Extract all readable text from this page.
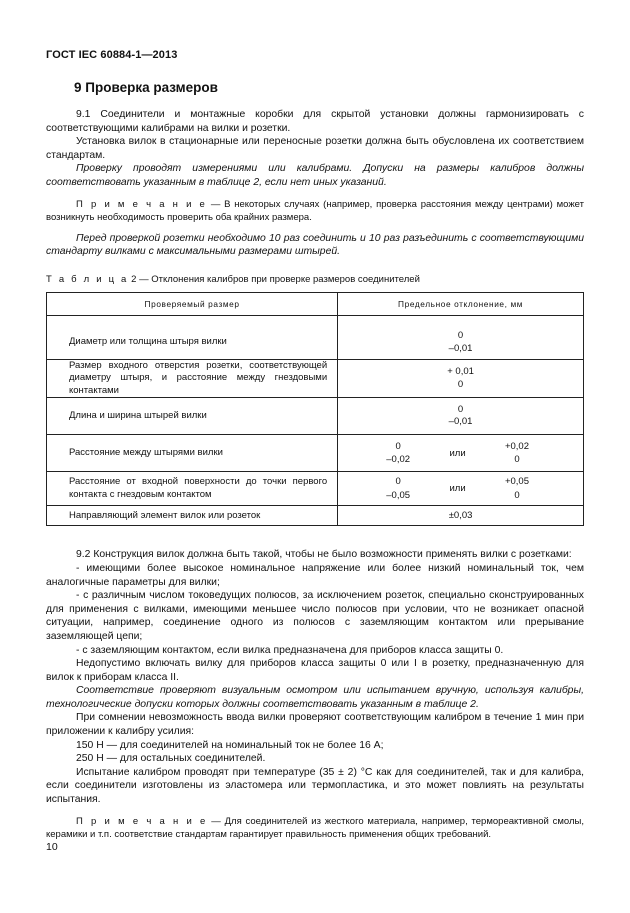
ГОСТ IEC 60884-1—2013
9 Проверка размеров

9.1 Соединители и монтажные коробки для скрытой установки должны гармонизировать с соответствующими калибрами на вилки и розетки.

Установка вилок в стационарные или переносные розетки должна быть обусловлена их соответствием стандартам.

Проверку проводят измерениями или калибрами. Допуски на размеры калибров должны соответствовать указанным в таблице 2, если нет иных указаний.

П р и м е ч а н и е — В некоторых случаях (например, проверка расстояния между центрами) может возникнуть необходимость проверить оба крайних размера.

Перед проверкой розетки необходимо 10 раз соединить и 10 раз разъединить с соответствующими стандарту вилками с максимальными размерами штырей.

Т а б л и ц а 2 — Отклонения калибров при проверке размеров соединителей
Проверяемый размер	Предельное отклонение, мм

Диаметр или толщина штыря вилки	0
–0,01

Размер входного отверстия розетки, соответствующей диаметру штыря, и расстояние между гнездовыми контактами	+ 0,01
0

Длина и ширина штырей вилки	0
–0,01

Расстояние между штырями вилки	0
–0,02
или
+0,02
0

Расстояние от входной поверхности до точки первого контакта с гнездовым контактом	0
–0,05
или
+0,05
0

Направляющий элемент вилок или розеток	±0,03

9.2 Конструкция вилок должна быть такой, чтобы не было возможности применять вилки с розетками:

- имеющими более высокое номинальное напряжение или более низкий номинальный ток, чем аналогичные параметры для вилки;

- с различным числом токоведущих полюсов, за исключением розеток, специально сконструированных для применения с вилками, имеющими меньшее число полюсов при условии, что не возникает опасной ситуации, например, соединение одного из полюсов с заземляющим контактом или прерывание заземляющей цепи;

- с заземляющим контактом, если вилка предназначена для приборов класса защиты 0.

Недопустимо включать вилку для приборов класса защиты 0 или I в розетку, предназначенную для вилок к приборам класса II.

Соответствие проверяют визуальным осмотром или испытанием вручную, используя калибры, технологические допуски которых должны соответствовать указанным в таблице 2.

При сомнении невозможность ввода вилки проверяют соответствующим калибром в течение 1 мин при приложении к калибру усилия:

150 Н — для соединителей на номинальный ток не более 16 А;

250 Н — для остальных соединителей.

Испытание калибром проводят при температуре (35 ± 2) °С как для соединителей, так и для калибра, если соединители изготовлены из эластомера или термопластика, и это может повлиять на результаты испытания.

П р и м е ч а н и е — Для соединителей из жесткого материала, например, термореактивной смолы, керамики и т.п. соответствие стандартам гарантирует правильность применения общих требований.

10
